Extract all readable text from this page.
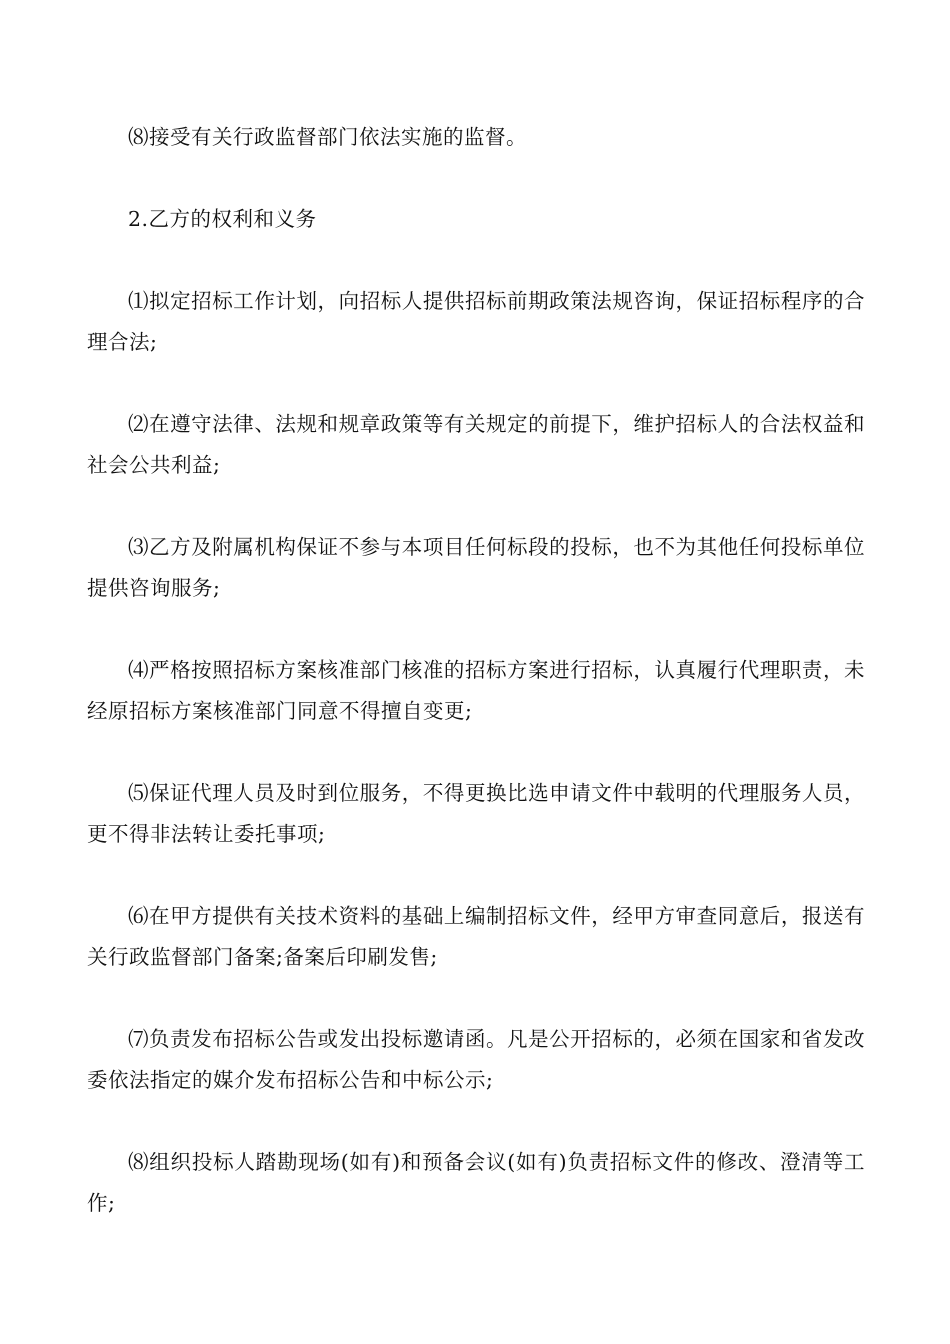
⑻接受有关行政监督部门依法实施的监督。

2.乙方的权利和义务

⑴拟定招标工作计划，向招标人提供招标前期政策法规咨询，保证招标程序的合理合法;

⑵在遵守法律、法规和规章政策等有关规定的前提下，维护招标人的合法权益和社会公共利益;

⑶乙方及附属机构保证不参与本项目任何标段的投标，也不为其他任何投标单位提供咨询服务;

⑷严格按照招标方案核准部门核准的招标方案进行招标，认真履行代理职责，未经原招标方案核准部门同意不得擅自变更;

⑸保证代理人员及时到位服务，不得更换比选申请文件中载明的代理服务人员，更不得非法转让委托事项;

⑹在甲方提供有关技术资料的基础上编制招标文件，经甲方审查同意后，报送有关行政监督部门备案;备案后印刷发售;

⑺负责发布招标公告或发出投标邀请函。凡是公开招标的，必须在国家和省发改委依法指定的媒介发布招标公告和中标公示;

⑻组织投标人踏勘现场(如有)和预备会议(如有)负责招标文件的修改、澄清等工作;
